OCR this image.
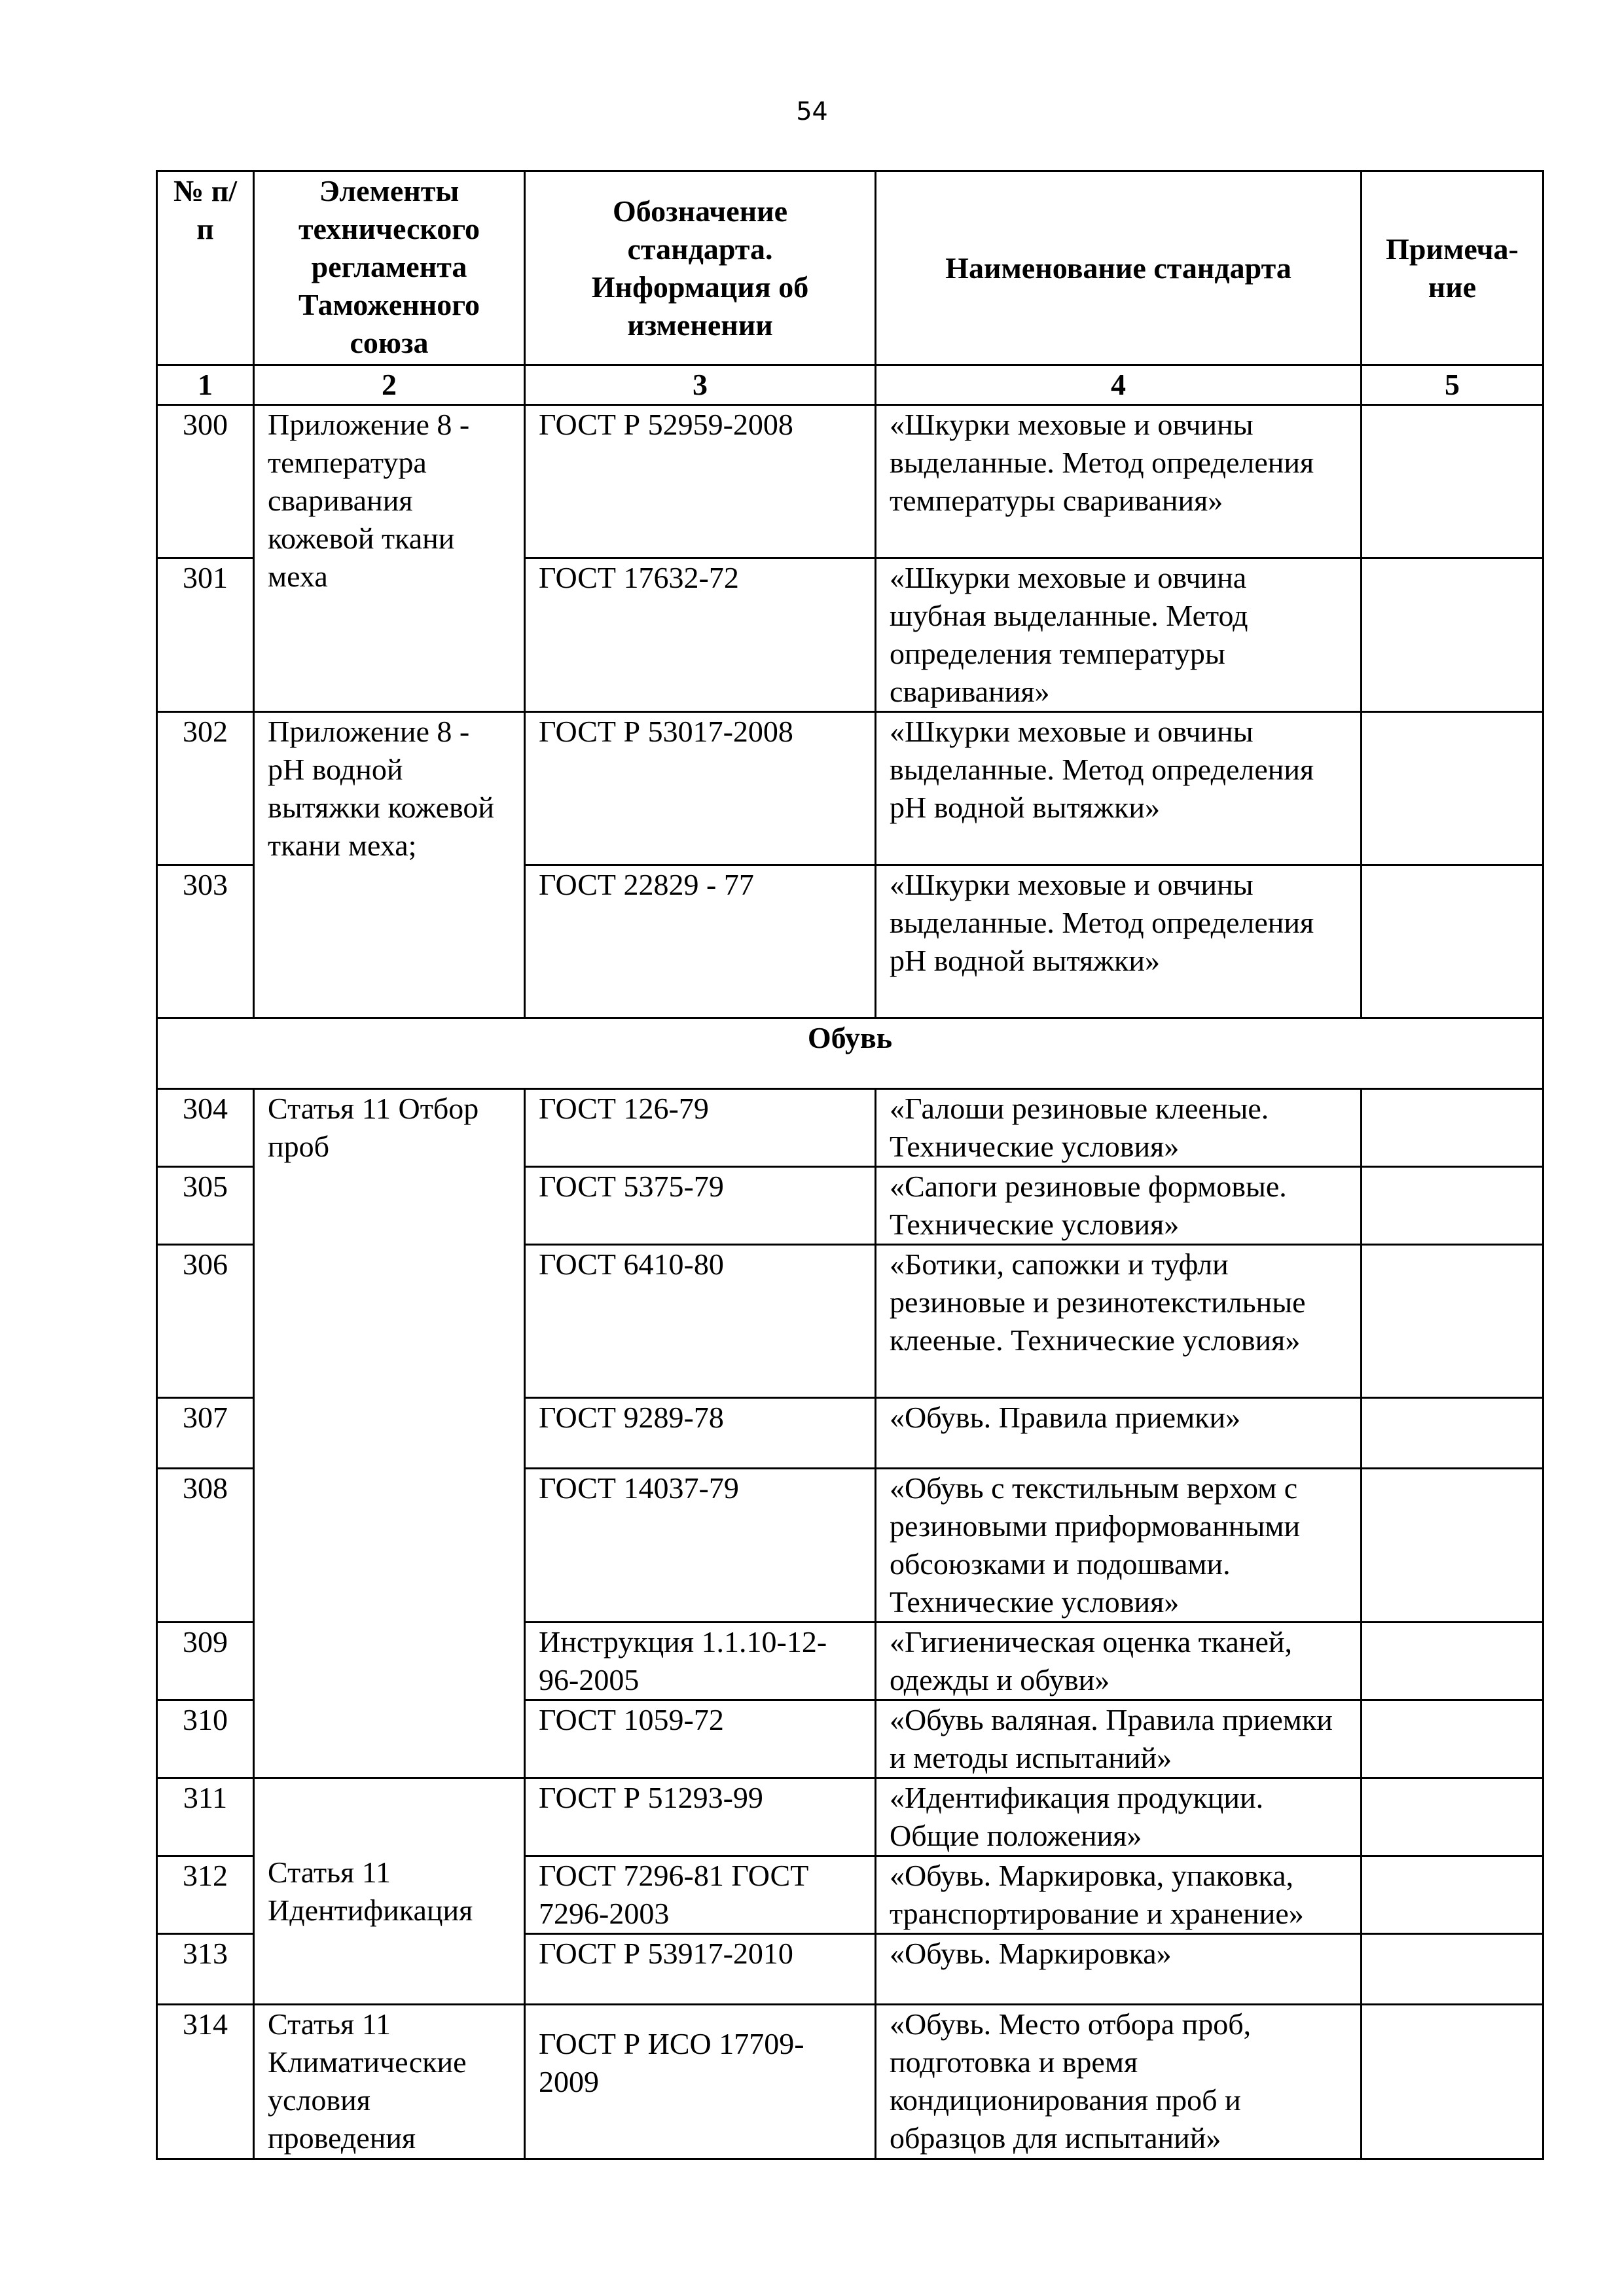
54
№ п/п	Элементы технического регламента Таможенного союза	Обозначение стандарта. Информация об изменении	Наименование стандарта	Примеча- ние
1	2	3	4	5
300	Приложение 8 - температура сваривания кожевой ткани меха	ГОСТ Р 52959-2008	«Шкурки меховые и овчины выделанные. Метод определения температуры сваривания»	
301		ГОСТ 17632-72	«Шкурки меховые и овчина шубная выделанные. Метод определения температуры сваривания»	
302	Приложение 8 - pH водной вытяжки кожевой ткани меха;	ГОСТ Р 53017-2008	«Шкурки меховые и овчины выделанные. Метод определения pH водной вытяжки»	
303		ГОСТ 22829 - 77	«Шкурки меховые и овчины выделанные. Метод определения pH водной вытяжки»	
Обувь				
304	Статья 11 Отбор проб	ГОСТ 126-79	«Галоши резиновые клееные. Технические условия»	
305		ГОСТ 5375-79	«Сапоги резиновые формовые. Технические условия»	
306		ГОСТ 6410-80	«Ботики, сапожки и туфли резиновые и резинотекстильные клееные. Технические условия»	
307		ГОСТ 9289-78	«Обувь. Правила приемки»	
308		ГОСТ 14037-79	«Обувь с текстильным верхом с резиновыми приформованными обсоюзками и подошвами. Технические условия»	
309		Инструкция 1.1.10-12-96-2005	«Гигиеническая оценка тканей, одежды и обуви»	
310		ГОСТ 1059-72	«Обувь валяная. Правила приемки и методы испытаний»	
311	Статья 11 Идентификация	ГОСТ Р 51293-99	«Идентификация продукции. Общие положения»	
312		ГОСТ 7296-81 ГОСТ 7296-2003	«Обувь. Маркировка, упаковка, транспортирование и хранение»	
313		ГОСТ Р 53917-2010	«Обувь. Маркировка»	
314	Статья 11 Климатические условия проведения	ГОСТ Р ИСО 17709-2009	«Обувь. Место отбора проб, подготовка и время кондиционирования проб и образцов для испытаний»	
